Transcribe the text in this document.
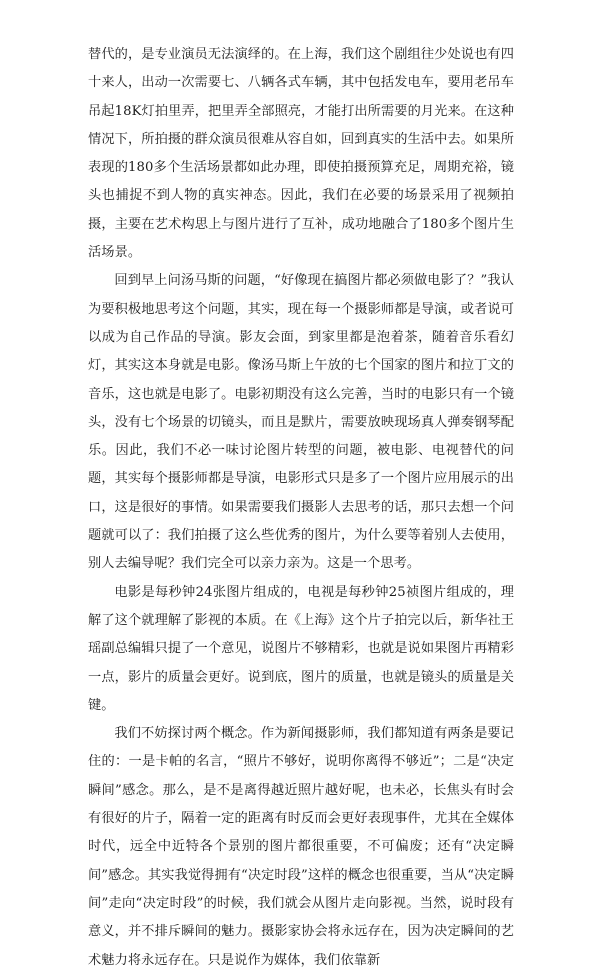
替代的，是专业演员无法演绎的。在上海，我们这个剧组往少处说也有四十来人，出动一次需要七、八辆各式车辆，其中包括发电车，要用老吊车吊起18K灯拍里弄，把里弄全部照亮，才能打出所需要的月光来。在这种情况下，所拍摄的群众演员很难从容自如，回到真实的生活中去。如果所表现的180多个生活场景都如此办理，即使拍摄预算充足，周期充裕，镜头也捕捉不到人物的真实神态。因此，我们在必要的场景采用了视频拍摄，主要在艺术构思上与图片进行了互补，成功地融合了180多个图片生活场景。

回到早上问汤马斯的问题，“好像现在搞图片都必须做电影了？”我认为要积极地思考这个问题，其实，现在每一个摄影师都是导演，或者说可以成为自己作品的导演。影友会面，到家里都是泡着茶，随着音乐看幻灯，其实这本身就是电影。像汤马斯上午放的七个国家的图片和拉丁文的音乐，这也就是电影了。电影初期没有这么完善，当时的电影只有一个镜头，没有七个场景的切镜头，而且是默片，需要放映现场真人弹奏钢琴配乐。因此，我们不必一味讨论图片转型的问题，被电影、电视替代的问题，其实每个摄影师都是导演，电影形式只是多了一个图片应用展示的出口，这是很好的事情。如果需要我们摄影人去思考的话，那只去想一个问题就可以了：我们拍摄了这么些优秀的图片，为什么要等着别人去使用，别人去编导呢？我们完全可以亲力亲为。这是一个思考。

电影是每秒钟24张图片组成的，电视是每秒钟25祯图片组成的，理解了这个就理解了影视的本质。在《上海》这个片子拍完以后，新华社王瑶副总编辑只提了一个意见，说图片不够精彩，也就是说如果图片再精彩一点，影片的质量会更好。说到底，图片的质量，也就是镜头的质量是关键。

我们不妨探讨两个概念。作为新闻摄影师，我们都知道有两条是要记住的：一是卡帕的名言，“照片不够好，说明你离得不够近”；二是“决定瞬间”感念。那么，是不是离得越近照片越好呢，也未必，长焦头有时会有很好的片子，隔着一定的距离有时反而会更好表现事件，尤其在全媒体时代，远全中近特各个景别的图片都很重要，不可偏废；还有“决定瞬间”感念。其实我觉得拥有“决定时段”这样的概念也很重要，当从“决定瞬间”走向“决定时段”的时候，我们就会从图片走向影视。当然，说时段有意义，并不排斥瞬间的魅力。摄影家协会将永远存在，因为决定瞬间的艺术魅力将永远存在。只是说作为媒体，我们依靠新
